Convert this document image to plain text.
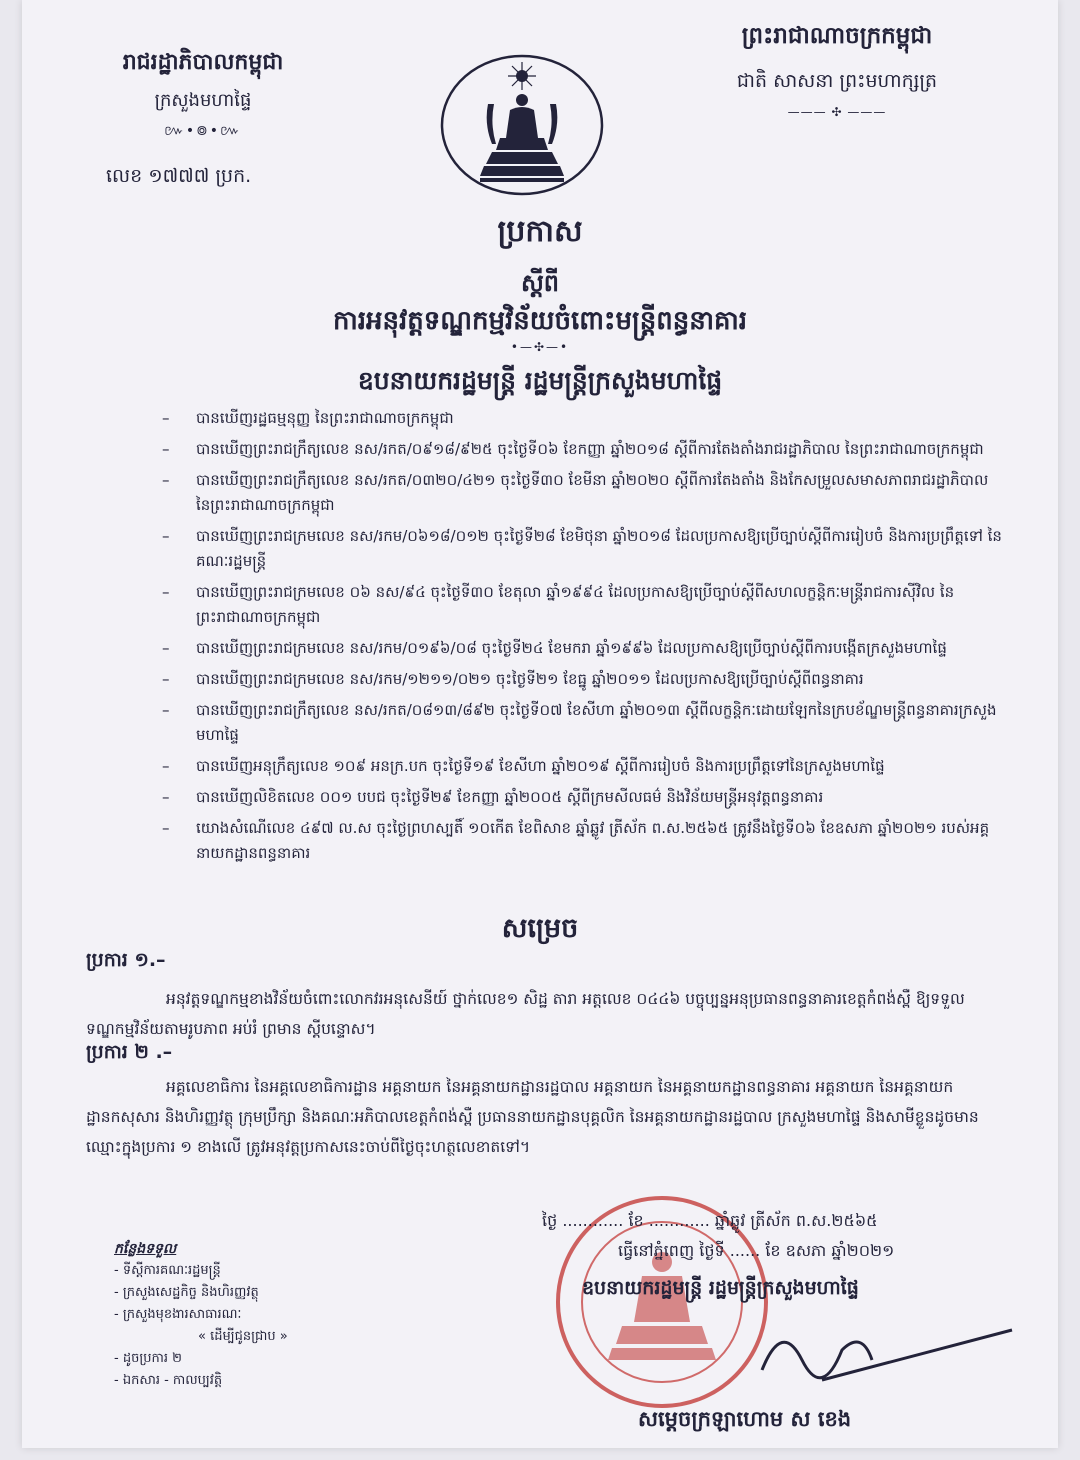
រាជរដ្ឋាភិបាលកម្ពុជា
ក្រសួងមហាផ្ទៃ
៚•៙•៚
លេខ ១៧៧៧ ប្រក.
ព្រះរាជាណាចក្រកម្ពុជា
ជាតិ សាសនា ព្រះមហាក្សត្រ
——— ✣ ———
ប្រកាស
ស្តីពី
ការអនុវត្តទណ្ឌកម្មវិន័យចំពោះមន្ត្រីពន្ធនាគារ
•—✣—•
ឧបនាយករដ្ឋមន្ត្រី រដ្ឋមន្ត្រីក្រសួងមហាផ្ទៃ
– បានឃើញរដ្ឋធម្មនុញ្ញ នៃព្រះរាជាណាចក្រកម្ពុជា
– បានឃើញព្រះរាជក្រឹត្យលេខ នស/រកត/០៩១៨/៩២៥ ចុះថ្ងៃទី០៦ ខែកញ្ញា ឆ្នាំ២០១៨ ស្តីពីការតែងតាំងរាជរដ្ឋាភិបាល នៃព្រះរាជាណាចក្រកម្ពុជា
– បានឃើញព្រះរាជក្រឹត្យលេខ នស/រកត/០៣២០/៤២១ ចុះថ្ងៃទី៣០ ខែមីនា ឆ្នាំ២០២០ ស្តីពីការតែងតាំង និងកែសម្រួលសមាសភាពរាជរដ្ឋាភិបាល នៃព្រះរាជាណាចក្រកម្ពុជា
– បានឃើញព្រះរាជក្រមលេខ នស/រកម/០៦១៨/០១២ ចុះថ្ងៃទី២៨ ខែមិថុនា ឆ្នាំ២០១៨ ដែលប្រកាសឱ្យប្រើច្បាប់ស្តីពីការរៀបចំ និងការប្រព្រឹត្តទៅ នៃគណៈរដ្ឋមន្ត្រី
– បានឃើញព្រះរាជក្រមលេខ ០៦ នស/៩៤ ចុះថ្ងៃទី៣០ ខែតុលា ឆ្នាំ១៩៩៤ ដែលប្រកាសឱ្យប្រើច្បាប់ស្តីពីសហលក្ខន្តិកៈមន្ត្រីរាជការស៊ីវិល នៃព្រះរាជាណាចក្រកម្ពុជា
– បានឃើញព្រះរាជក្រមលេខ នស/រកម/០១៩៦/០៨ ចុះថ្ងៃទី២៤ ខែមករា ឆ្នាំ១៩៩៦ ដែលប្រកាសឱ្យប្រើច្បាប់ស្តីពីការបង្កើតក្រសួងមហាផ្ទៃ
– បានឃើញព្រះរាជក្រមលេខ នស/រកម/១២១១/០២១ ចុះថ្ងៃទី២១ ខែធ្នូ ឆ្នាំ២០១១ ដែលប្រកាសឱ្យប្រើច្បាប់ស្តីពីពន្ធនាគារ
– បានឃើញព្រះរាជក្រឹត្យលេខ នស/រកត/០៨១៣/៨៩២ ចុះថ្ងៃទី០៧ ខែសីហា ឆ្នាំ២០១៣ ស្តីពីលក្ខន្តិកៈដោយឡែកនៃក្របខ័ណ្ឌមន្ត្រីពន្ធនាគារក្រសួងមហាផ្ទៃ
– បានឃើញអនុក្រឹត្យលេខ ១០៩ អនក្រ.បក ចុះថ្ងៃទី១៩ ខែសីហា ឆ្នាំ២០១៩ ស្តីពីការរៀបចំ និងការប្រព្រឹត្តទៅនៃក្រសួងមហាផ្ទៃ
– បានឃើញលិខិតលេខ ០០១ បបជ ចុះថ្ងៃទី២៩ ខែកញ្ញា ឆ្នាំ២០០៥ ស្តីពីក្រមសីលធម៌ និងវិន័យមន្ត្រីអនុវត្តពន្ធនាគារ
– យោងសំណើលេខ ៤៩៧ ល.ស ចុះថ្ងៃព្រហស្បតិ៍ ១០កើត ខែពិសាខ ឆ្នាំឆ្លូវ ត្រីស័ក ព.ស.២៥៦៥ ត្រូវនឹងថ្ងៃទី០៦ ខែឧសភា ឆ្នាំ២០២១ របស់អគ្គនាយកដ្ឋានពន្ធនាគារ
សម្រេច
ប្រការ ១.–
អនុវត្តទណ្ឌកម្មខាងវិន័យចំពោះលោកវរអនុសេនីយ៍ ថ្នាក់លេខ១ សិដ្ឋ តារា អត្តលេខ ០៤៤៦ បច្ចុប្បន្នអនុប្រធានពន្ធនាគារខេត្តកំពង់ស្ពឺ ឱ្យទទួលទណ្ឌកម្មវិន័យតាមរូបភាព អប់រំ ព្រមាន ស្តីបន្ទោស។
ប្រការ ២ .–
អគ្គលេខាធិការ នៃអគ្គលេខាធិការដ្ឋាន អគ្គនាយក នៃអគ្គនាយកដ្ឋានរដ្ឋបាល អគ្គនាយក នៃអគ្គនាយកដ្ឋានពន្ធនាគារ អគ្គនាយក នៃអគ្គនាយកដ្ឋានកសុសារ និងហិរញ្ញវត្ថុ ក្រុមប្រឹក្សា និងគណៈអភិបាលខេត្តកំពង់ស្ពឺ ប្រធាននាយកដ្ឋានបុគ្គលិក នៃអគ្គនាយកដ្ឋានរដ្ឋបាល ក្រសួងមហាផ្ទៃ និងសាមីខ្លួនដូចមានឈ្មោះក្នុងប្រការ ១ ខាងលើ ត្រូវអនុវត្តប្រកាសនេះចាប់ពីថ្ងៃចុះហត្ថលេខាតទៅ។
ថ្ងៃ ............ ខែ ............ ឆ្នាំឆ្លូវ ត្រីស័ក ព.ស.២៥៦៥
ធ្វើនៅភ្នំពេញ ថ្ងៃទី ...... ខែ ឧសភា ឆ្នាំ២០២១
ឧបនាយករដ្ឋមន្ត្រី រដ្ឋមន្ត្រីក្រសួងមហាផ្ទៃ
សម្តេចក្រឡាហោម ស ខេង
កន្លែងទទួល
- ទីស្តីការគណៈរដ្ឋមន្ត្រី
- ក្រសួងសេដ្ឋកិច្ច និងហិរញ្ញវត្ថុ
- ក្រសួងមុខងារសាធារណៈ
« ដើម្បីជូនជ្រាប »
- ដូចប្រការ ២
- ឯកសារ - កាលប្បវត្តិ
